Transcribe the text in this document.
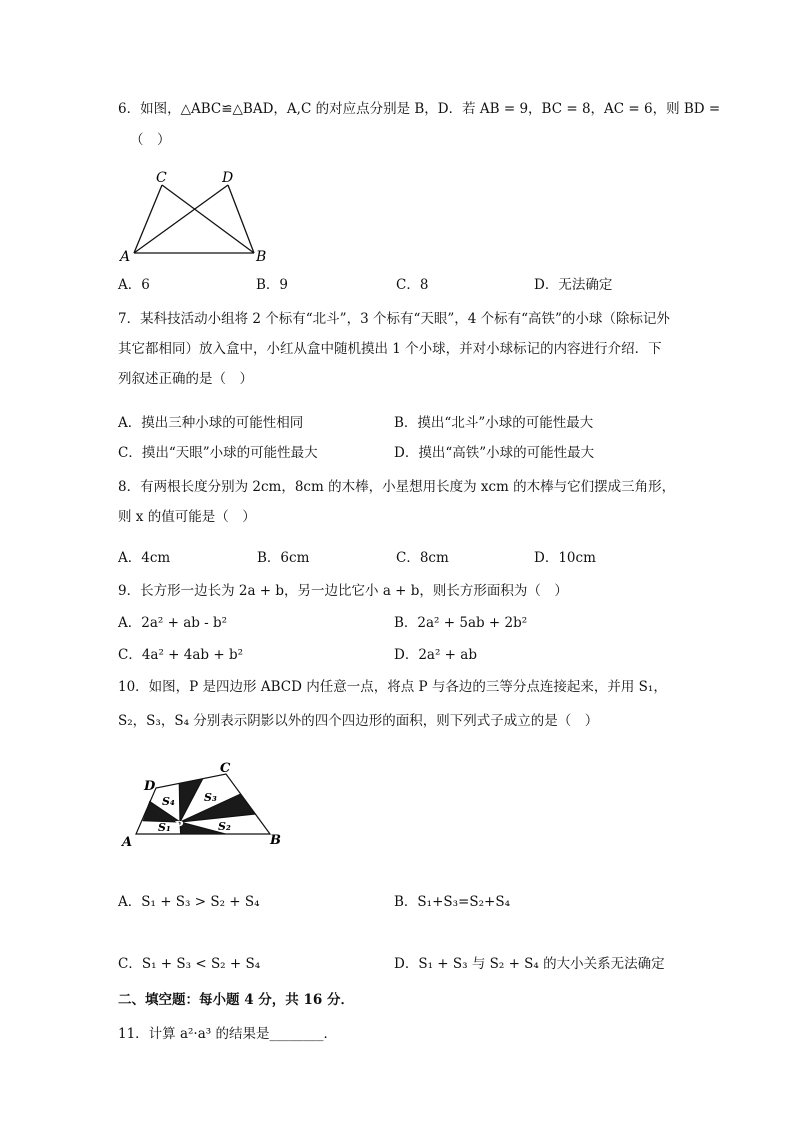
6．如图，△ABC≌△BAD，A,C 的对应点分别是 B，D．若 AB = 9，BC = 8，AC = 6，则 BD =
（　）
C	D
A	B
A．6	B．9	C．8	D．无法确定
7．某科技活动小组将 2 个标有“北斗”，3 个标有“天眼”，4 个标有“高铁”的小球（除标记外
其它都相同）放入盒中，小红从盒中随机摸出 1 个小球，并对小球标记的内容进行介绍．下
列叙述正确的是（　）
A．摸出三种小球的可能性相同	B．摸出“北斗”小球的可能性最大
C．摸出“天眼”小球的可能性最大	D．摸出“高铁”小球的可能性最大
8．有两根长度分别为 2cm，8cm 的木棒，小星想用长度为 xcm 的木棒与它们摆成三角形，
则 x 的值可能是（　）
A．4cm	B．6cm	C．8cm	D．10cm
9．长方形一边长为 2a + b，另一边比它小 a + b，则长方形面积为（　）
A．2a² + ab - b²	B．2a² + 5ab + 2b²
C．4a² + 4ab + b²	D．2a² + ab
10．如图，P 是四边形 ABCD 内任意一点，将点 P 与各边的三等分点连接起来，并用 S₁，
S₂，S₃，S₄ 分别表示阴影以外的四个四边形的面积，则下列式子成立的是（　）
A	B
C
D
P
S₁	S₂
S₃
S₄
A．S₁ + S₃ > S₂ + S₄	B．S₁+S₃=S₂+S₄
C．S₁ + S₃ < S₂ + S₄	D．S₁ + S₃ 与 S₂ + S₄ 的大小关系无法确定
二、填空题：每小题 4 分，共 16 分．
11．计算 a²·a³ 的结果是________．
